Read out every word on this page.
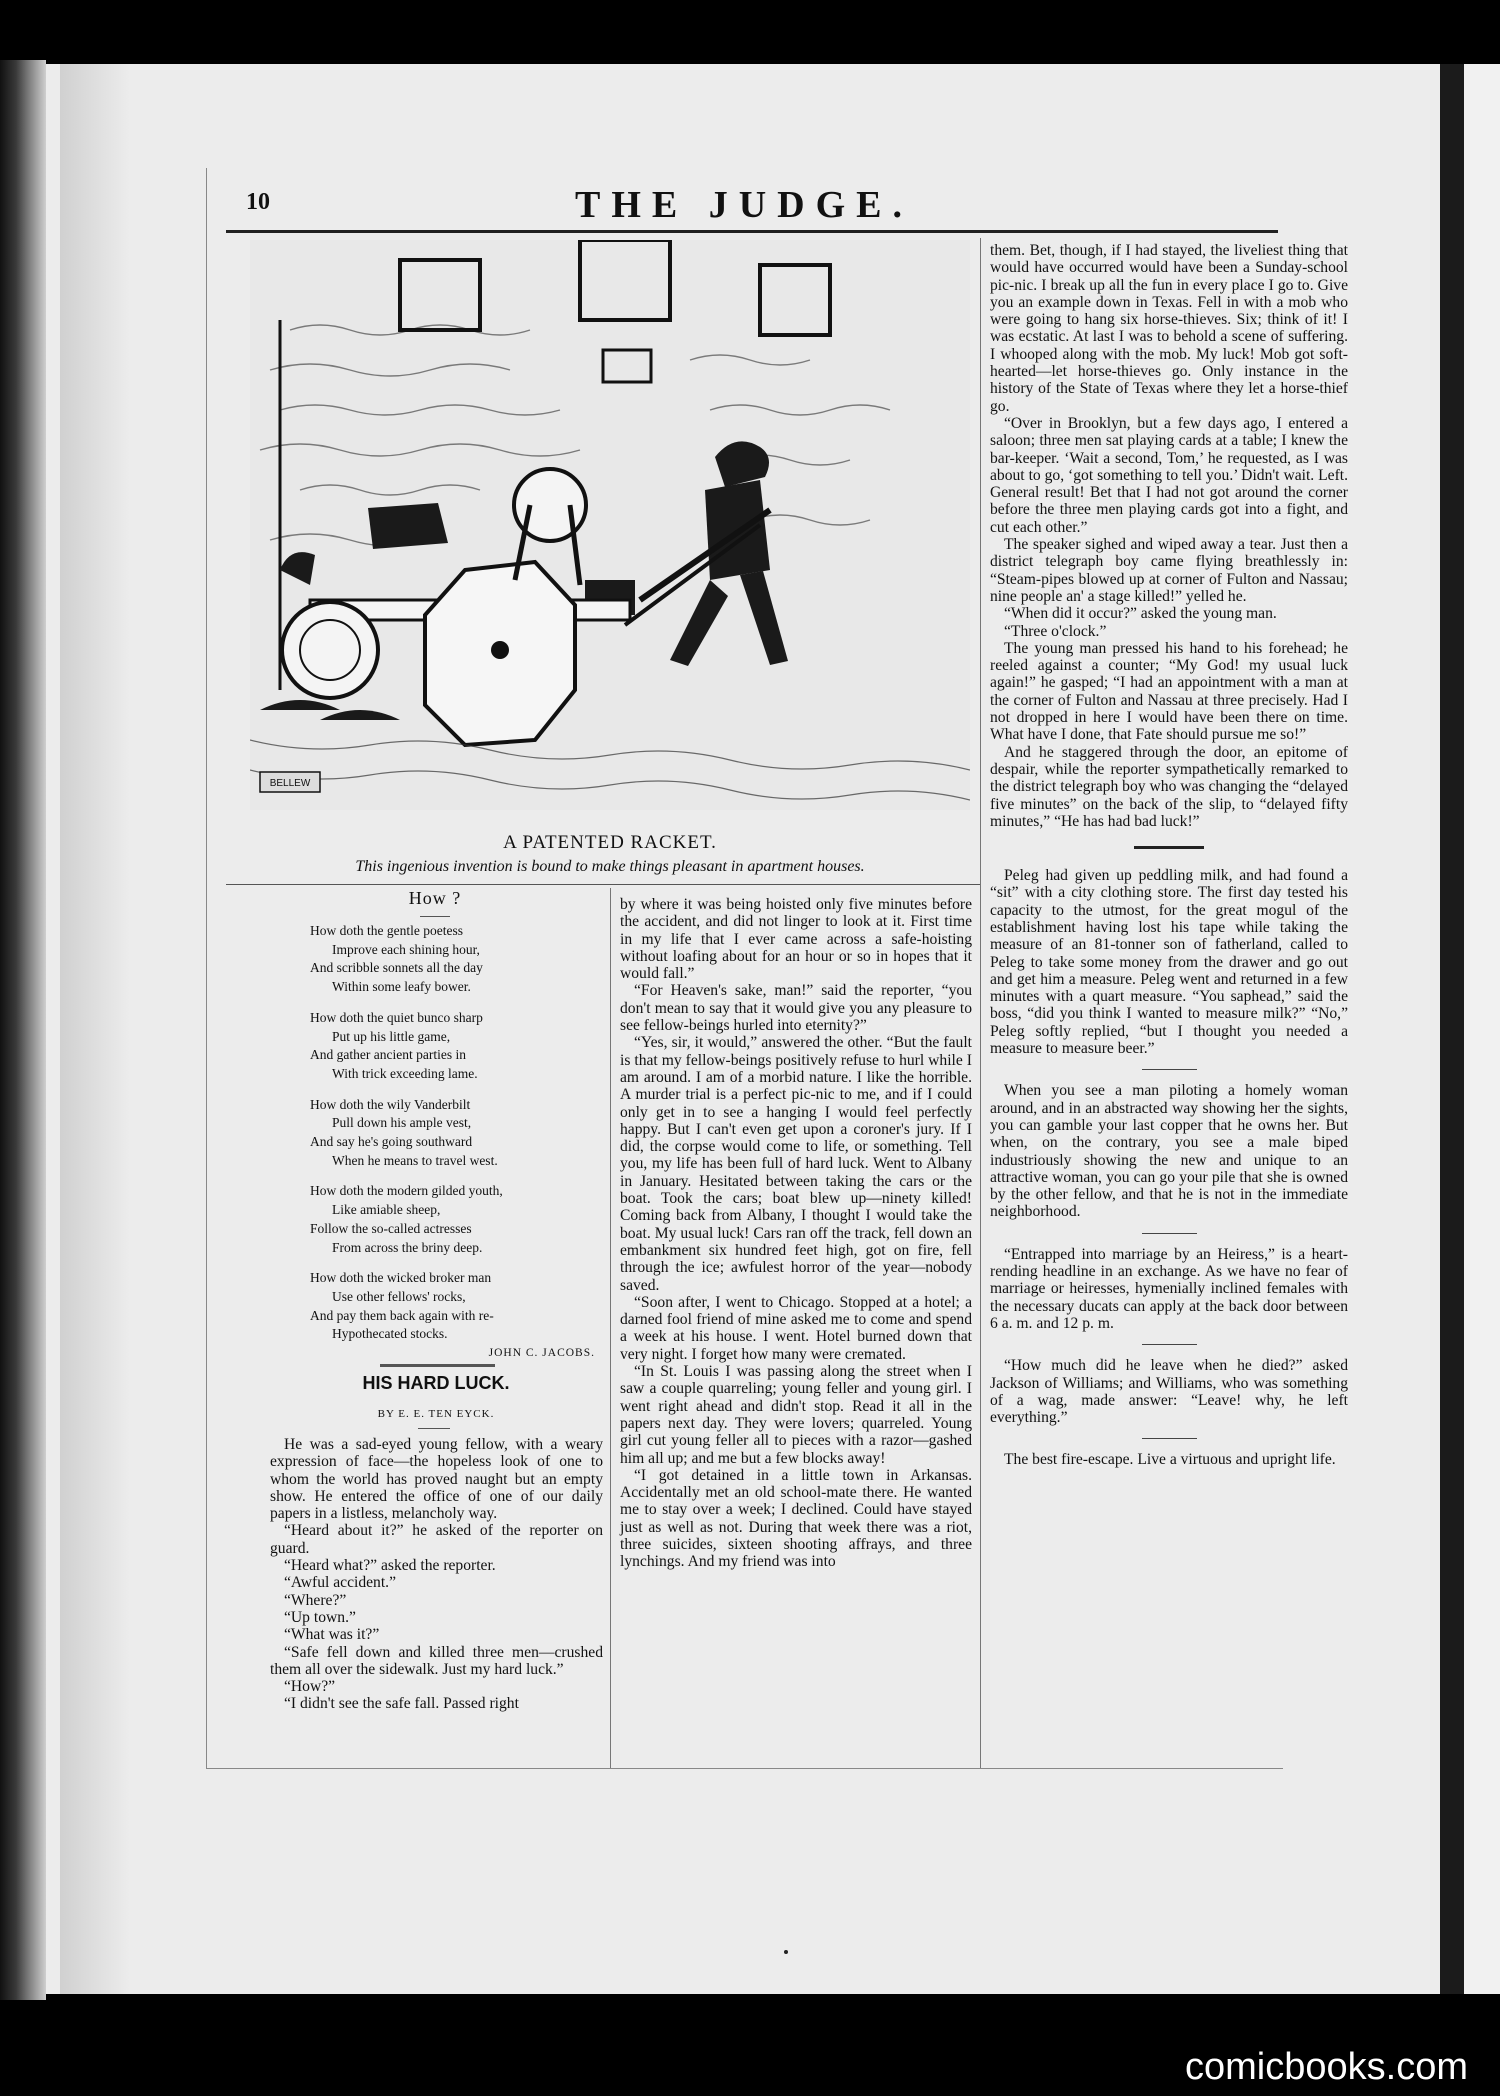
10	THE JUDGE.
BELLEW
A PATENTED RACKET.
This ingenious invention is bound to make things pleasant in apartment houses.
How ?
How doth the gentle poetess
Improve each shining hour,
And scribble sonnets all the day
Within some leafy bower.
How doth the quiet bunco sharp
Put up his little game,
And gather ancient parties in
With trick exceeding lame.
How doth the wily Vanderbilt
Pull down his ample vest,
And say he's going southward
When he means to travel west.
How doth the modern gilded youth,
Like amiable sheep,
Follow the so-called actresses
From across the briny deep.
How doth the wicked broker man
Use other fellows' rocks,
And pay them back again with re-
Hypothecated stocks.
JOHN C. JACOBS.
HIS HARD LUCK.
BY E. E. TEN EYCK.

He was a sad-eyed young fellow, with a weary expression of face—the hopeless look of one to whom the world has proved naught but an empty show. He entered the office of one of our daily papers in a listless, melancholy way.

“Heard about it?” he asked of the reporter on guard.

“Heard what?” asked the reporter.

“Awful accident.”

“Where?”

“Up town.”

“What was it?”

“Safe fell down and killed three men—crushed them all over the sidewalk. Just my hard luck.”

“How?”

“I didn't see the safe fall. Passed right

by where it was being hoisted only five minutes before the accident, and did not linger to look at it. First time in my life that I ever came across a safe-hoisting without loafing about for an hour or so in hopes that it would fall.”

“For Heaven's sake, man!” said the reporter, “you don't mean to say that it would give you any pleasure to see fellow-beings hurled into eternity?”

“Yes, sir, it would,” answered the other. “But the fault is that my fellow-beings positively refuse to hurl while I am around. I am of a morbid nature. I like the horrible. A murder trial is a perfect pic-nic to me, and if I could only get in to see a hanging I would feel perfectly happy. But I can't even get upon a coroner's jury. If I did, the corpse would come to life, or something. Tell you, my life has been full of hard luck. Went to Albany in January. Hesitated between taking the cars or the boat. Took the cars; boat blew up—ninety killed! Coming back from Albany, I thought I would take the boat. My usual luck! Cars ran off the track, fell down an embankment six hundred feet high, got on fire, fell through the ice; awfulest horror of the year—nobody saved.

“Soon after, I went to Chicago. Stopped at a hotel; a darned fool friend of mine asked me to come and spend a week at his house. I went. Hotel burned down that very night. I forget how many were cremated.

“In St. Louis I was passing along the street when I saw a couple quarreling; young feller and young girl. I went right ahead and didn't stop. Read it all in the papers next day. They were lovers; quarreled. Young girl cut young feller all to pieces with a razor—gashed him all up; and me but a few blocks away!

“I got detained in a little town in Arkansas. Accidentally met an old school-mate there. He wanted me to stay over a week; I declined. Could have stayed just as well as not. During that week there was a riot, three suicides, sixteen shooting affrays, and three lynchings. And my friend was into

them. Bet, though, if I had stayed, the liveliest thing that would have occurred would have been a Sunday-school pic-nic. I break up all the fun in every place I go to. Give you an example down in Texas. Fell in with a mob who were going to hang six horse-thieves. Six; think of it! I was ecstatic. At last I was to behold a scene of suffering. I whooped along with the mob. My luck! Mob got soft-hearted—let horse-thieves go. Only instance in the history of the State of Texas where they let a horse-thief go.

“Over in Brooklyn, but a few days ago, I entered a saloon; three men sat playing cards at a table; I knew the bar-keeper. ‘Wait a second, Tom,’ he requested, as I was about to go, ‘got something to tell you.’ Didn't wait. Left. General result! Bet that I had not got around the corner before the three men playing cards got into a fight, and cut each other.”

The speaker sighed and wiped away a tear. Just then a district telegraph boy came flying breathlessly in: “Steam-pipes blowed up at corner of Fulton and Nassau; nine people an' a stage killed!” yelled he.

“When did it occur?” asked the young man.

“Three o'clock.”

The young man pressed his hand to his forehead; he reeled against a counter; “My God! my usual luck again!” he gasped; “I had an appointment with a man at the corner of Fulton and Nassau at three precisely. Had I not dropped in here I would have been there on time. What have I done, that Fate should pursue me so!”

And he staggered through the door, an epitome of despair, while the reporter sympathetically remarked to the district telegraph boy who was changing the “delayed five minutes” on the back of the slip, to “delayed fifty minutes,” “He has had bad luck!”

Peleg had given up peddling milk, and had found a “sit” with a city clothing store. The first day tested his capacity to the utmost, for the great mogul of the establishment having lost his tape while taking the measure of an 81-tonner son of fatherland, called to Peleg to take some money from the drawer and go out and get him a measure. Peleg went and returned in a few minutes with a quart measure. “You saphead,” said the boss, “did you think I wanted to measure milk?” “No,” Peleg softly replied, “but I thought you needed a measure to measure beer.”

When you see a man piloting a homely woman around, and in an abstracted way showing her the sights, you can gamble your last copper that he owns her. But when, on the contrary, you see a male biped industriously showing the new and unique to an attractive woman, you can go your pile that she is owned by the other fellow, and that he is not in the immediate neighborhood.

“Entrapped into marriage by an Heiress,” is a heart-rending headline in an exchange. As we have no fear of marriage or heiresses, hymenially inclined females with the necessary ducats can apply at the back door between 6 a. m. and 12 p. m.

“How much did he leave when he died?” asked Jackson of Williams; and Williams, who was something of a wag, made answer: “Leave! why, he left everything.”

The best fire-escape. Live a virtuous and upright life.

comicbooks.com
